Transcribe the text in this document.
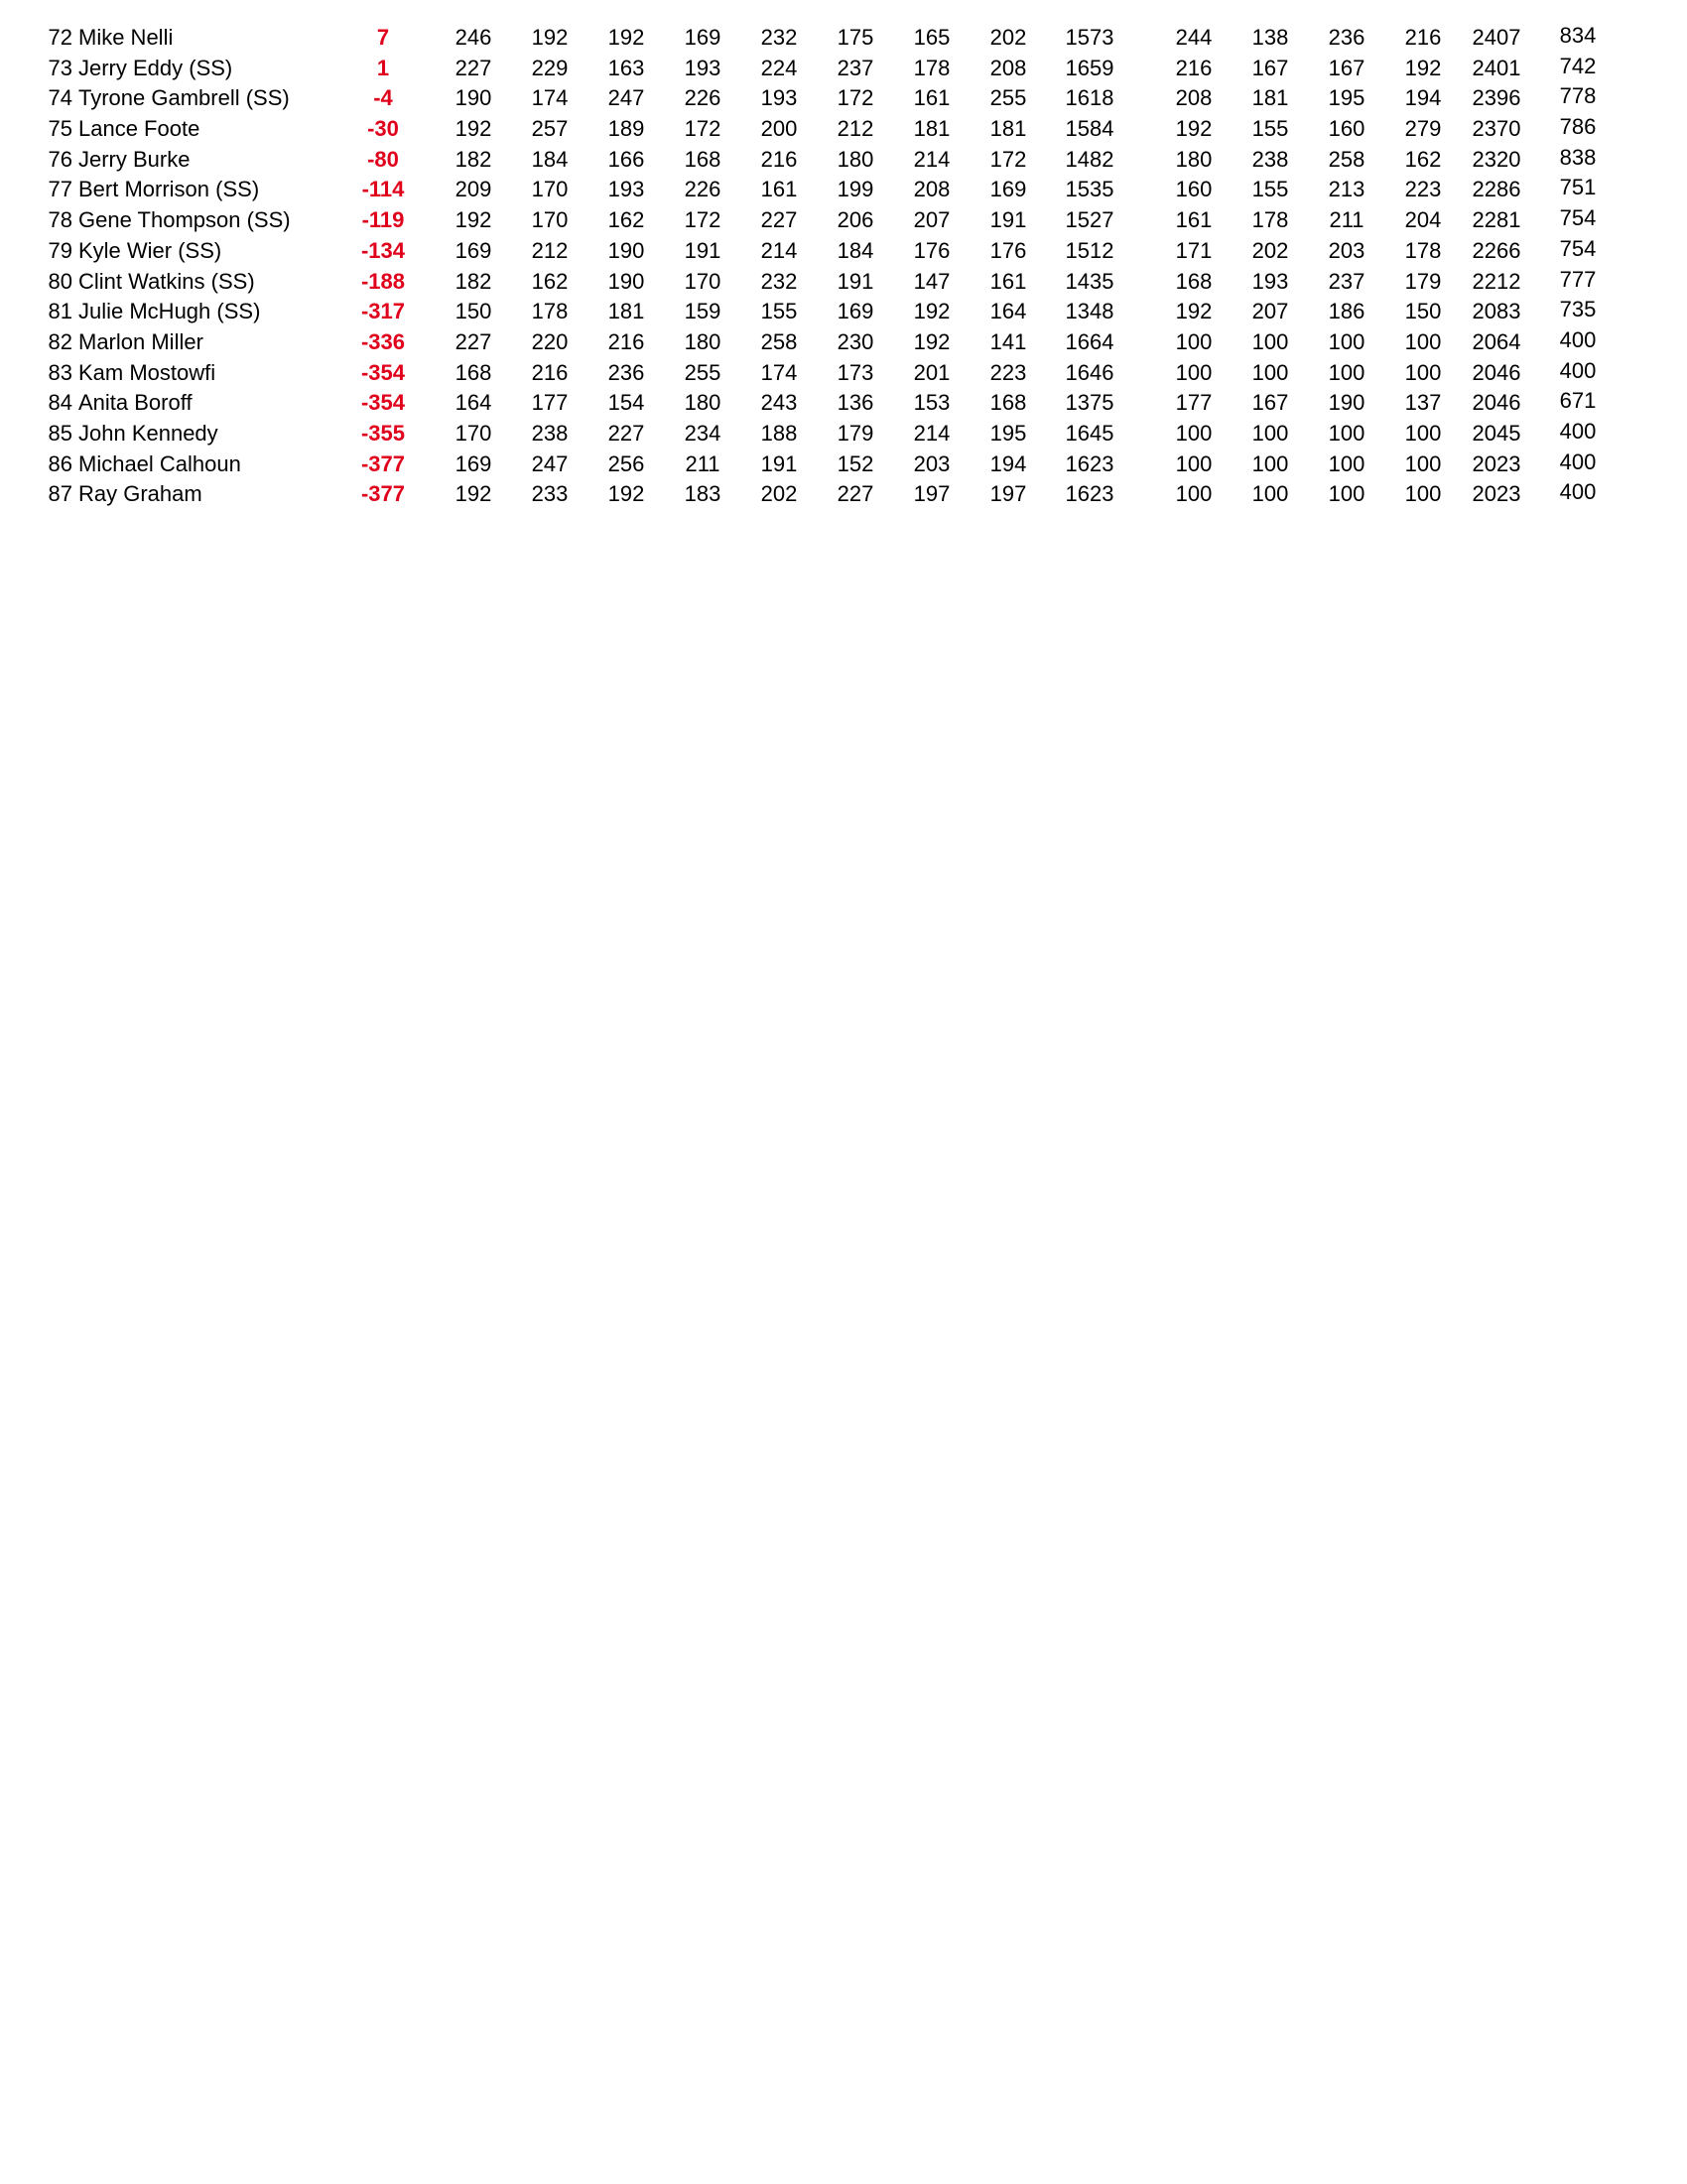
72 Mike Nelli	7	246	192	192	169	232	175	165	202	1573	244	138	236	216	2407	834
73 Jerry Eddy (SS)	1	227	229	163	193	224	237	178	208	1659	216	167	167	192	2401	742
74 Tyrone Gambrell (SS)	-4	190	174	247	226	193	172	161	255	1618	208	181	195	194	2396	778
75 Lance Foote	-30	192	257	189	172	200	212	181	181	1584	192	155	160	279	2370	786
76 Jerry Burke	-80	182	184	166	168	216	180	214	172	1482	180	238	258	162	2320	838
77 Bert Morrison (SS)	-114	209	170	193	226	161	199	208	169	1535	160	155	213	223	2286	751
78 Gene Thompson (SS)	-119	192	170	162	172	227	206	207	191	1527	161	178	211	204	2281	754
79 Kyle Wier (SS)	-134	169	212	190	191	214	184	176	176	1512	171	202	203	178	2266	754
80 Clint Watkins (SS)	-188	182	162	190	170	232	191	147	161	1435	168	193	237	179	2212	777
81 Julie McHugh (SS)	-317	150	178	181	159	155	169	192	164	1348	192	207	186	150	2083	735
82 Marlon Miller	-336	227	220	216	180	258	230	192	141	1664	100	100	100	100	2064	400
83 Kam Mostowfi	-354	168	216	236	255	174	173	201	223	1646	100	100	100	100	2046	400
84 Anita Boroff	-354	164	177	154	180	243	136	153	168	1375	177	167	190	137	2046	671
85 John Kennedy	-355	170	238	227	234	188	179	214	195	1645	100	100	100	100	2045	400
86 Michael Calhoun	-377	169	247	256	211	191	152	203	194	1623	100	100	100	100	2023	400
87 Ray Graham	-377	192	233	192	183	202	227	197	197	1623	100	100	100	100	2023	400
